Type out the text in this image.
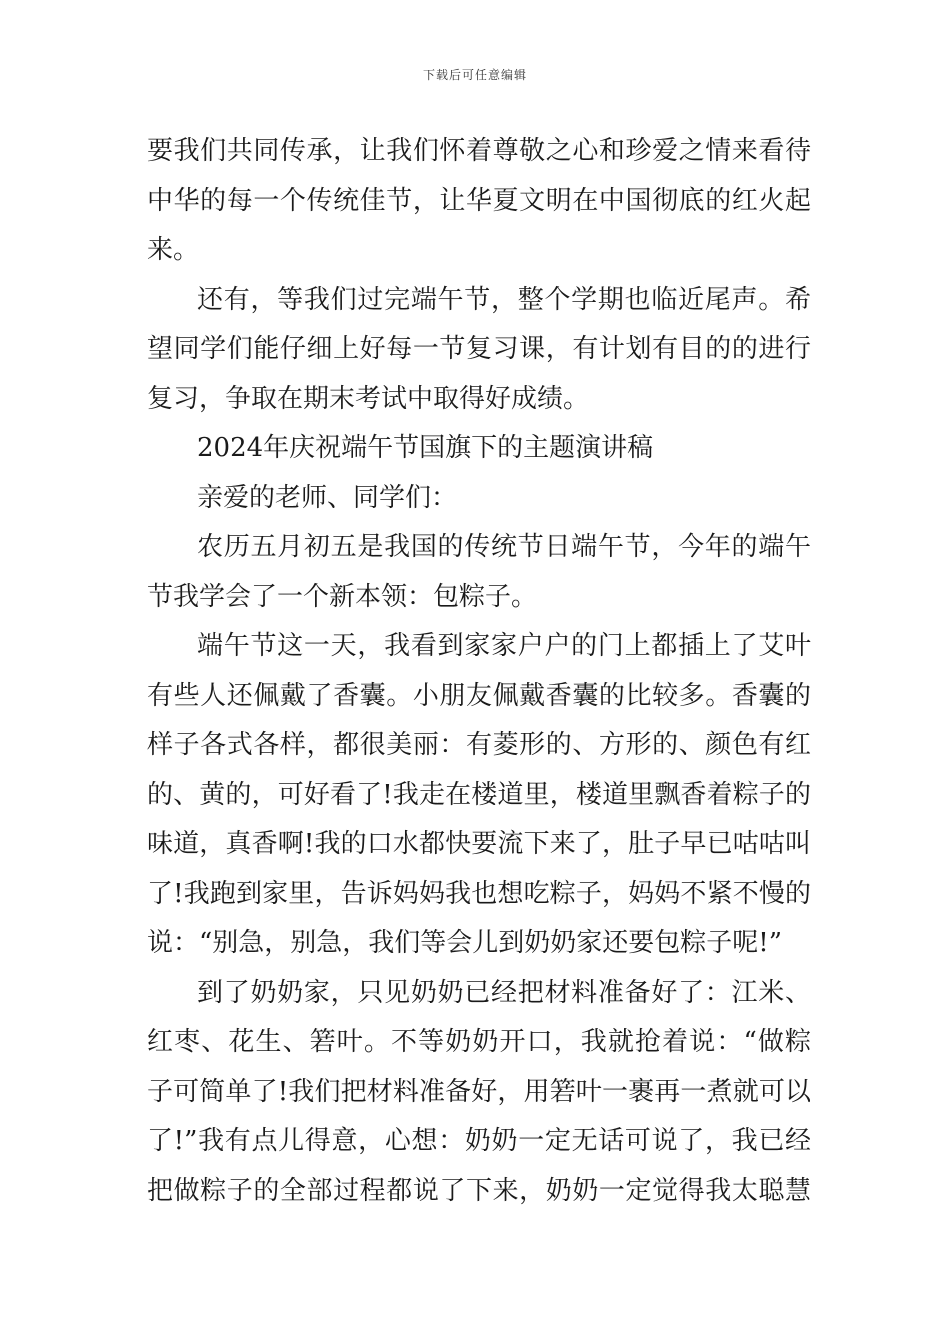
下载后可任意编辑
要我们共同传承，让我们怀着尊敬之心和珍爱之情来看待
中华的每一个传统佳节，让华夏文明在中国彻底的红火起
来。
还有，等我们过完端午节，整个学期也临近尾声。希
望同学们能仔细上好每一节复习课，有计划有目的的进行
复习，争取在期末考试中取得好成绩。
2024年庆祝端午节国旗下的主题演讲稿
亲爱的老师、同学们：
农历五月初五是我国的传统节日端午节，今年的端午
节我学会了一个新本领：包粽子。
端午节这一天，我看到家家户户的门上都插上了艾叶
有些人还佩戴了香囊。小朋友佩戴香囊的比较多。香囊的
样子各式各样，都很美丽：有菱形的、方形的、颜色有红
的、黄的，可好看了!我走在楼道里，楼道里飘香着粽子的
味道，真香啊!我的口水都快要流下来了，肚子早已咕咕叫
了!我跑到家里，告诉妈妈我也想吃粽子，妈妈不紧不慢的
说：“别急，别急，我们等会儿到奶奶家还要包粽子呢!”
到了奶奶家，只见奶奶已经把材料准备好了：江米、
红枣、花生、箬叶。不等奶奶开口，我就抢着说：“做粽
子可简单了!我们把材料准备好，用箬叶一裹再一煮就可以
了!”我有点儿得意，心想：奶奶一定无话可说了，我已经
把做粽子的全部过程都说了下来，奶奶一定觉得我太聪慧
